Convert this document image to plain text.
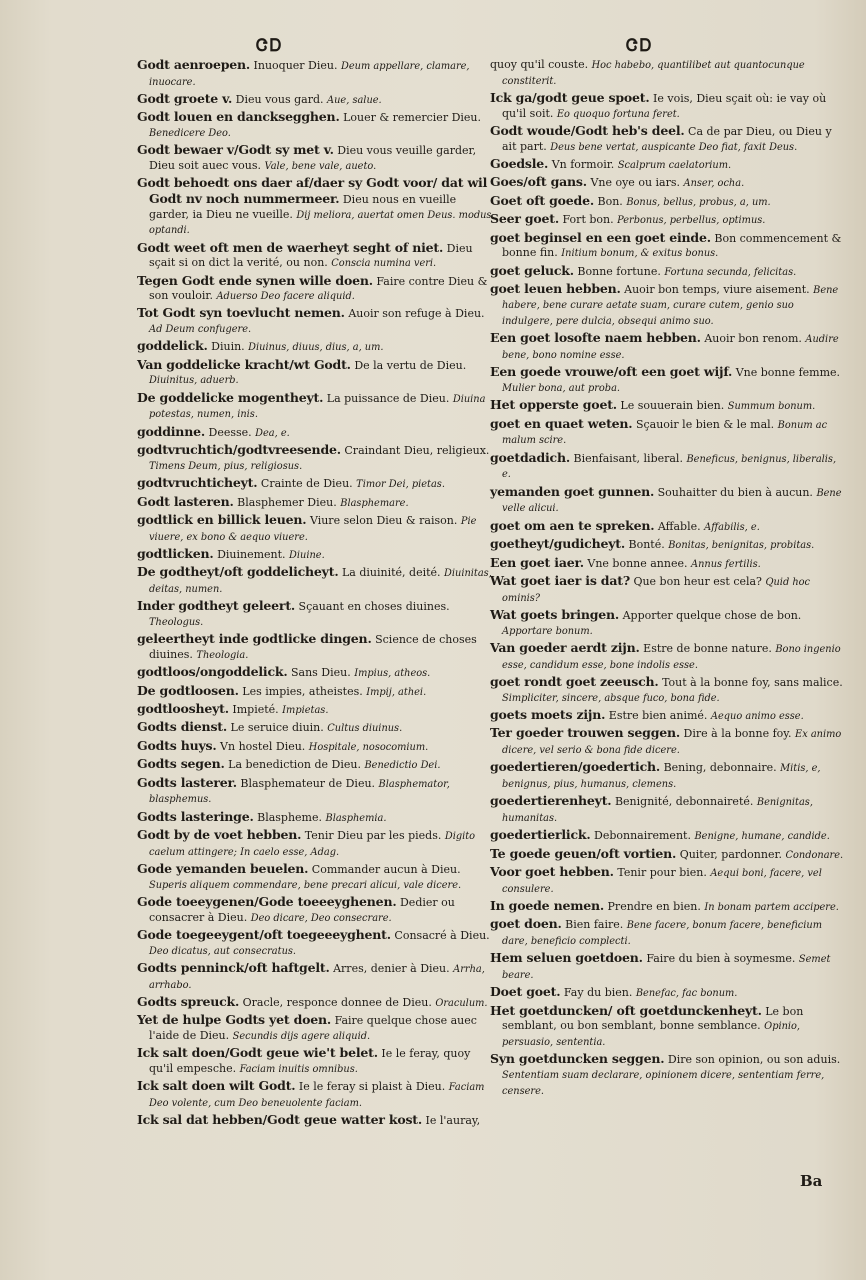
ᏣᎠ	ᏣᎠ

Godt aenroepen. Inuoquer Dieu. Deum appellare, clamare, inuocare.

Godt groete v. Dieu vous gard. Aue, salue.

Godt louen en dancksegghen. Louer & remercier Dieu. Benedicere Deo.

Godt bewaer v/Godt sy met v. Dieu vous veuille garder, Dieu soit auec vous. Vale, bene vale, aueto.

Godt behoedt ons daer af/daer sy Godt voor/ dat wil Godt nv noch nummermeer. Dieu nous en vueille garder, ia Dieu ne vueille. Dij meliora, auertat omen Deus. modus optandi.

Godt weet oft men de waerheyt seght of niet. Dieu sçait si on dict la verité, ou non. Conscia numina veri.

Tegen Godt ende synen wille doen. Faire contre Dieu & son vouloir. Aduerso Deo facere aliquid.

Tot Godt syn toevlucht nemen. Auoir son refuge à Dieu. Ad Deum confugere.

goddelick. Diuin. Diuinus, diuus, dius, a, um.

Van goddelicke kracht/wt Godt. De la vertu de Dieu. Diuinitus, aduerb.

De goddelicke mogentheyt. La puissance de Dieu. Diuina potestas, numen, inis.

goddinne. Deesse. Dea, e.

godtvruchtich/godtvreesende. Craindant Dieu, religieux. Timens Deum, pius, religiosus.

godtvruchticheyt. Crainte de Dieu. Timor Dei, pietas.

Godt lasteren. Blasphemer Dieu. Blasphemare.

godtlick en billick leuen. Viure selon Dieu & raison. Pie viuere, ex bono & aequo viuere.

godtlicken. Diuinement. Diuine.

De godtheyt/oft goddelicheyt. La diuinité, deité. Diuinitas, deitas, numen.

Inder godtheyt geleert. Sçauant en choses diuines. Theologus.

geleertheyt inde godtlicke dingen. Science de choses diuines. Theologia.

godtloos/ongoddelick. Sans Dieu. Impius, atheos.

De godtloosen. Les impies, atheistes. Impij, athei.

godtloosheyt. Impieté. Impietas.

Godts dienst. Le seruice diuin. Cultus diuinus.

Godts huys. Vn hostel Dieu. Hospitale, nosocomium.

Godts segen. La benediction de Dieu. Benedictio Dei.

Godts lasterer. Blasphemateur de Dieu. Blasphemator, blasphemus.

Godts lasteringe. Blaspheme. Blasphemia.

Godt by de voet hebben. Tenir Dieu par les pieds. Digito caelum attingere; In caelo esse, Adag.

Gode yemanden beuelen. Commander aucun à Dieu. Superis aliquem commendare, bene precari alicui, vale dicere.

Gode toeeygenen/Gode toeeeyghenen. Dedier ou consacrer à Dieu. Deo dicare, Deo consecrare.

Gode toegeeygent/oft toegeeeyghent. Consacré à Dieu. Deo dicatus, aut consecratus.

Godts penninck/oft haftgelt. Arres, denier à Dieu. Arrha, arrhabo.

Godts spreuck. Oracle, responce donnee de Dieu. Oraculum.

Yet de hulpe Godts yet doen. Faire quelque chose auec l'aide de Dieu. Secundis dijs agere aliquid.

Ick salt doen/Godt geue wie't belet. Ie le feray, quoy qu'il empesche. Faciam inuitis omnibus.

Ick salt doen wilt Godt. Ie le feray si plaist à Dieu. Faciam Deo volente, cum Deo beneuolente faciam.

Ick sal dat hebben/Godt geue watter kost. Ie l'auray,

quoy qu'il couste. Hoc habebo, quantilibet aut quantocunque constiterit.

Ick ga/godt geue spoet. Ie vois, Dieu sçait où: ie vay où qu'il soit. Eo quoquo fortuna feret.

Godt woude/Godt heb's deel. Ca de par Dieu, ou Dieu y ait part. Deus bene vertat, auspicante Deo fiat, faxit Deus.

Goedsle. Vn formoir. Scalprum caelatorium.

Goes/oft gans. Vne oye ou iars. Anser, ocha.

Goet oft goede. Bon. Bonus, bellus, probus, a, um.

Seer goet. Fort bon. Perbonus, perbellus, optimus.

goet beginsel en een goet einde. Bon commencement & bonne fin. Initium bonum, & exitus bonus.

goet geluck. Bonne fortune. Fortuna secunda, felicitas.

goet leuen hebben. Auoir bon temps, viure aisement. Bene habere, bene curare aetate suam, curare cutem, genio suo indulgere, pere dulcia, obsequi animo suo.

Een goet losofte naem hebben. Auoir bon renom. Audire bene, bono nomine esse.

Een goede vrouwe/oft een goet wijf. Vne bonne femme. Mulier bona, aut proba.

Het opperste goet. Le souuerain bien. Summum bonum.

goet en quaet weten. Sçauoir le bien & le mal. Bonum ac malum scire.

goetdadich. Bienfaisant, liberal. Beneficus, benignus, liberalis, e.

yemanden goet gunnen. Souhaitter du bien à aucun. Bene velle alicui.

goet om aen te spreken. Affable. Affabilis, e.

goetheyt/gudicheyt. Bonté. Bonitas, benignitas, probitas.

Een goet iaer. Vne bonne annee. Annus fertilis.

Wat goet iaer is dat? Que bon heur est cela? Quid hoc ominis?

Wat goets bringen. Apporter quelque chose de bon. Apportare bonum.

Van goeder aerdt zijn. Estre de bonne nature. Bono ingenio esse, candidum esse, bone indolis esse.

goet rondt goet zeeusch. Tout à la bonne foy, sans malice. Simpliciter, sincere, absque fuco, bona fide.

goets moets zijn. Estre bien animé. Aequo animo esse.

Ter goeder trouwen seggen. Dire à la bonne foy. Ex animo dicere, vel serio & bona fide dicere.

goedertieren/goedertich. Bening, debonnaire. Mitis, e, benignus, pius, humanus, clemens.

goedertierenheyt. Benignité, debonnaireté. Benignitas, humanitas.

goedertierlick. Debonnairement. Benigne, humane, candide.

Te goede geuen/oft vortien. Quiter, pardonner. Condonare.

Voor goet hebben. Tenir pour bien. Aequi boni, facere, vel consulere.

In goede nemen. Prendre en bien. In bonam partem accipere.

goet doen. Bien faire. Bene facere, bonum facere, beneficium dare, beneficio complecti.

Hem seluen goetdoen. Faire du bien à soymesme. Semet beare.

Doet goet. Fay du bien. Benefac, fac bonum.

Het goetduncken/ oft goetdunckenheyt. Le bon semblant, ou bon semblant, bonne semblance. Opinio, persuasio, sententia.

Syn goetduncken seggen. Dire son opinion, ou son aduis. Sententiam suam declarare, opinionem dicere, sententiam ferre, censere.

Ba
